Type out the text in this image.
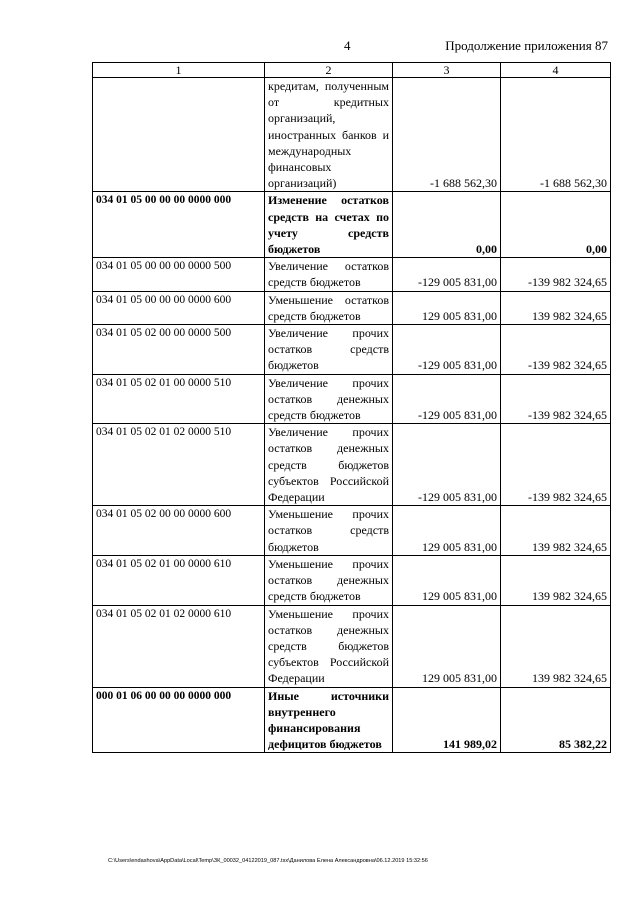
4	Продолжение приложения 87
1	2	3	4
	кредитам, полученным от кредитных организаций, иностранных банков и международных финансовых организаций)	-1 688 562,30	-1 688 562,30
034 01 05 00 00 00 0000 000	Изменение остатков средств на счетах по учету средств бюджетов	0,00	0,00
034 01 05 00 00 00 0000 500	Увеличение остатков средств бюджетов	-129 005 831,00	-139 982 324,65
034 01 05 00 00 00 0000 600	Уменьшение остатков средств бюджетов	129 005 831,00	139 982 324,65
034 01 05 02 00 00 0000 500	Увеличение прочих остатков средств бюджетов	-129 005 831,00	-139 982 324,65
034 01 05 02 01 00 0000 510	Увеличение прочих остатков денежных средств бюджетов	-129 005 831,00	-139 982 324,65
034 01 05 02 01 02 0000 510	Увеличение прочих остатков денежных средств бюджетов субъектов Российской Федерации	-129 005 831,00	-139 982 324,65
034 01 05 02 00 00 0000 600	Уменьшение прочих остатков средств бюджетов	129 005 831,00	139 982 324,65
034 01 05 02 01 00 0000 610	Уменьшение прочих остатков денежных средств бюджетов	129 005 831,00	139 982 324,65
034 01 05 02 01 02 0000 610	Уменьшение прочих остатков денежных средств бюджетов субъектов Российской Федерации	129 005 831,00	139 982 324,65
000 01 06 00 00 00 0000 000	Иные источники внутреннего финансирования дефицитов бюджетов	141 989,02	85 382,22
C:\Users\endashova\AppData\Local\Temp\ЗК_00032_04122019_087.tsx\Данилова Елена Александровна\06.12.2019 15:32:56
